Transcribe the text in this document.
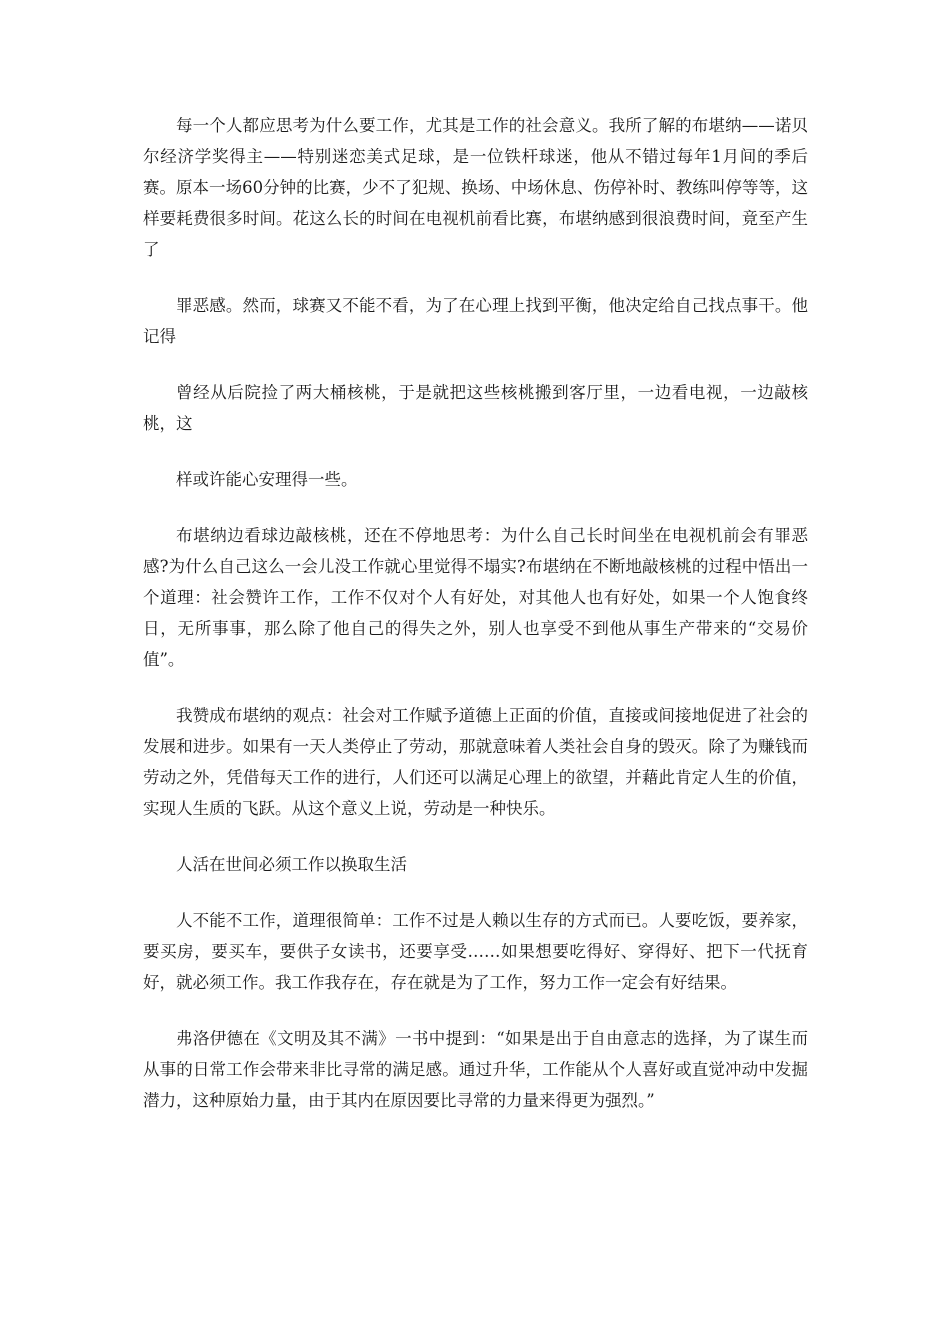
每一个人都应思考为什么要工作，尤其是工作的社会意义。我所了解的布堪纳——诺贝尔经济学奖得主——特别迷恋美式足球，是一位铁杆球迷，他从不错过每年1月间的季后赛。原本一场60分钟的比赛，少不了犯规、换场、中场休息、伤停补时、教练叫停等等，这样要耗费很多时间。花这么长的时间在电视机前看比赛，布堪纳感到很浪费时间，竟至产生了

罪恶感。然而，球赛又不能不看，为了在心理上找到平衡，他决定给自己找点事干。他记得

曾经从后院捡了两大桶核桃，于是就把这些核桃搬到客厅里，一边看电视，一边敲核桃，这

样或许能心安理得一些。

布堪纳边看球边敲核桃，还在不停地思考：为什么自己长时间坐在电视机前会有罪恶感?为什么自己这么一会儿没工作就心里觉得不塌实?布堪纳在不断地敲核桃的过程中悟出一个道理：社会赞许工作，工作不仅对个人有好处，对其他人也有好处，如果一个人饱食终日，无所事事，那么除了他自己的得失之外，别人也享受不到他从事生产带来的“交易价值”。

我赞成布堪纳的观点：社会对工作赋予道德上正面的价值，直接或间接地促进了社会的发展和进步。如果有一天人类停止了劳动，那就意味着人类社会自身的毁灭。除了为赚钱而劳动之外，凭借每天工作的进行，人们还可以满足心理上的欲望，并藉此肯定人生的价值，实现人生质的飞跃。从这个意义上说，劳动是一种快乐。

人活在世间必须工作以换取生活

人不能不工作，道理很简单：工作不过是人赖以生存的方式而已。人要吃饭，要养家，要买房，要买车，要供子女读书，还要享受……如果想要吃得好、穿得好、把下一代抚育好，就必须工作。我工作我存在，存在就是为了工作，努力工作一定会有好结果。

弗洛伊德在《文明及其不满》一书中提到：“如果是出于自由意志的选择，为了谋生而从事的日常工作会带来非比寻常的满足感。通过升华，工作能从个人喜好或直觉冲动中发掘潜力，这种原始力量，由于其内在原因要比寻常的力量来得更为强烈。”
